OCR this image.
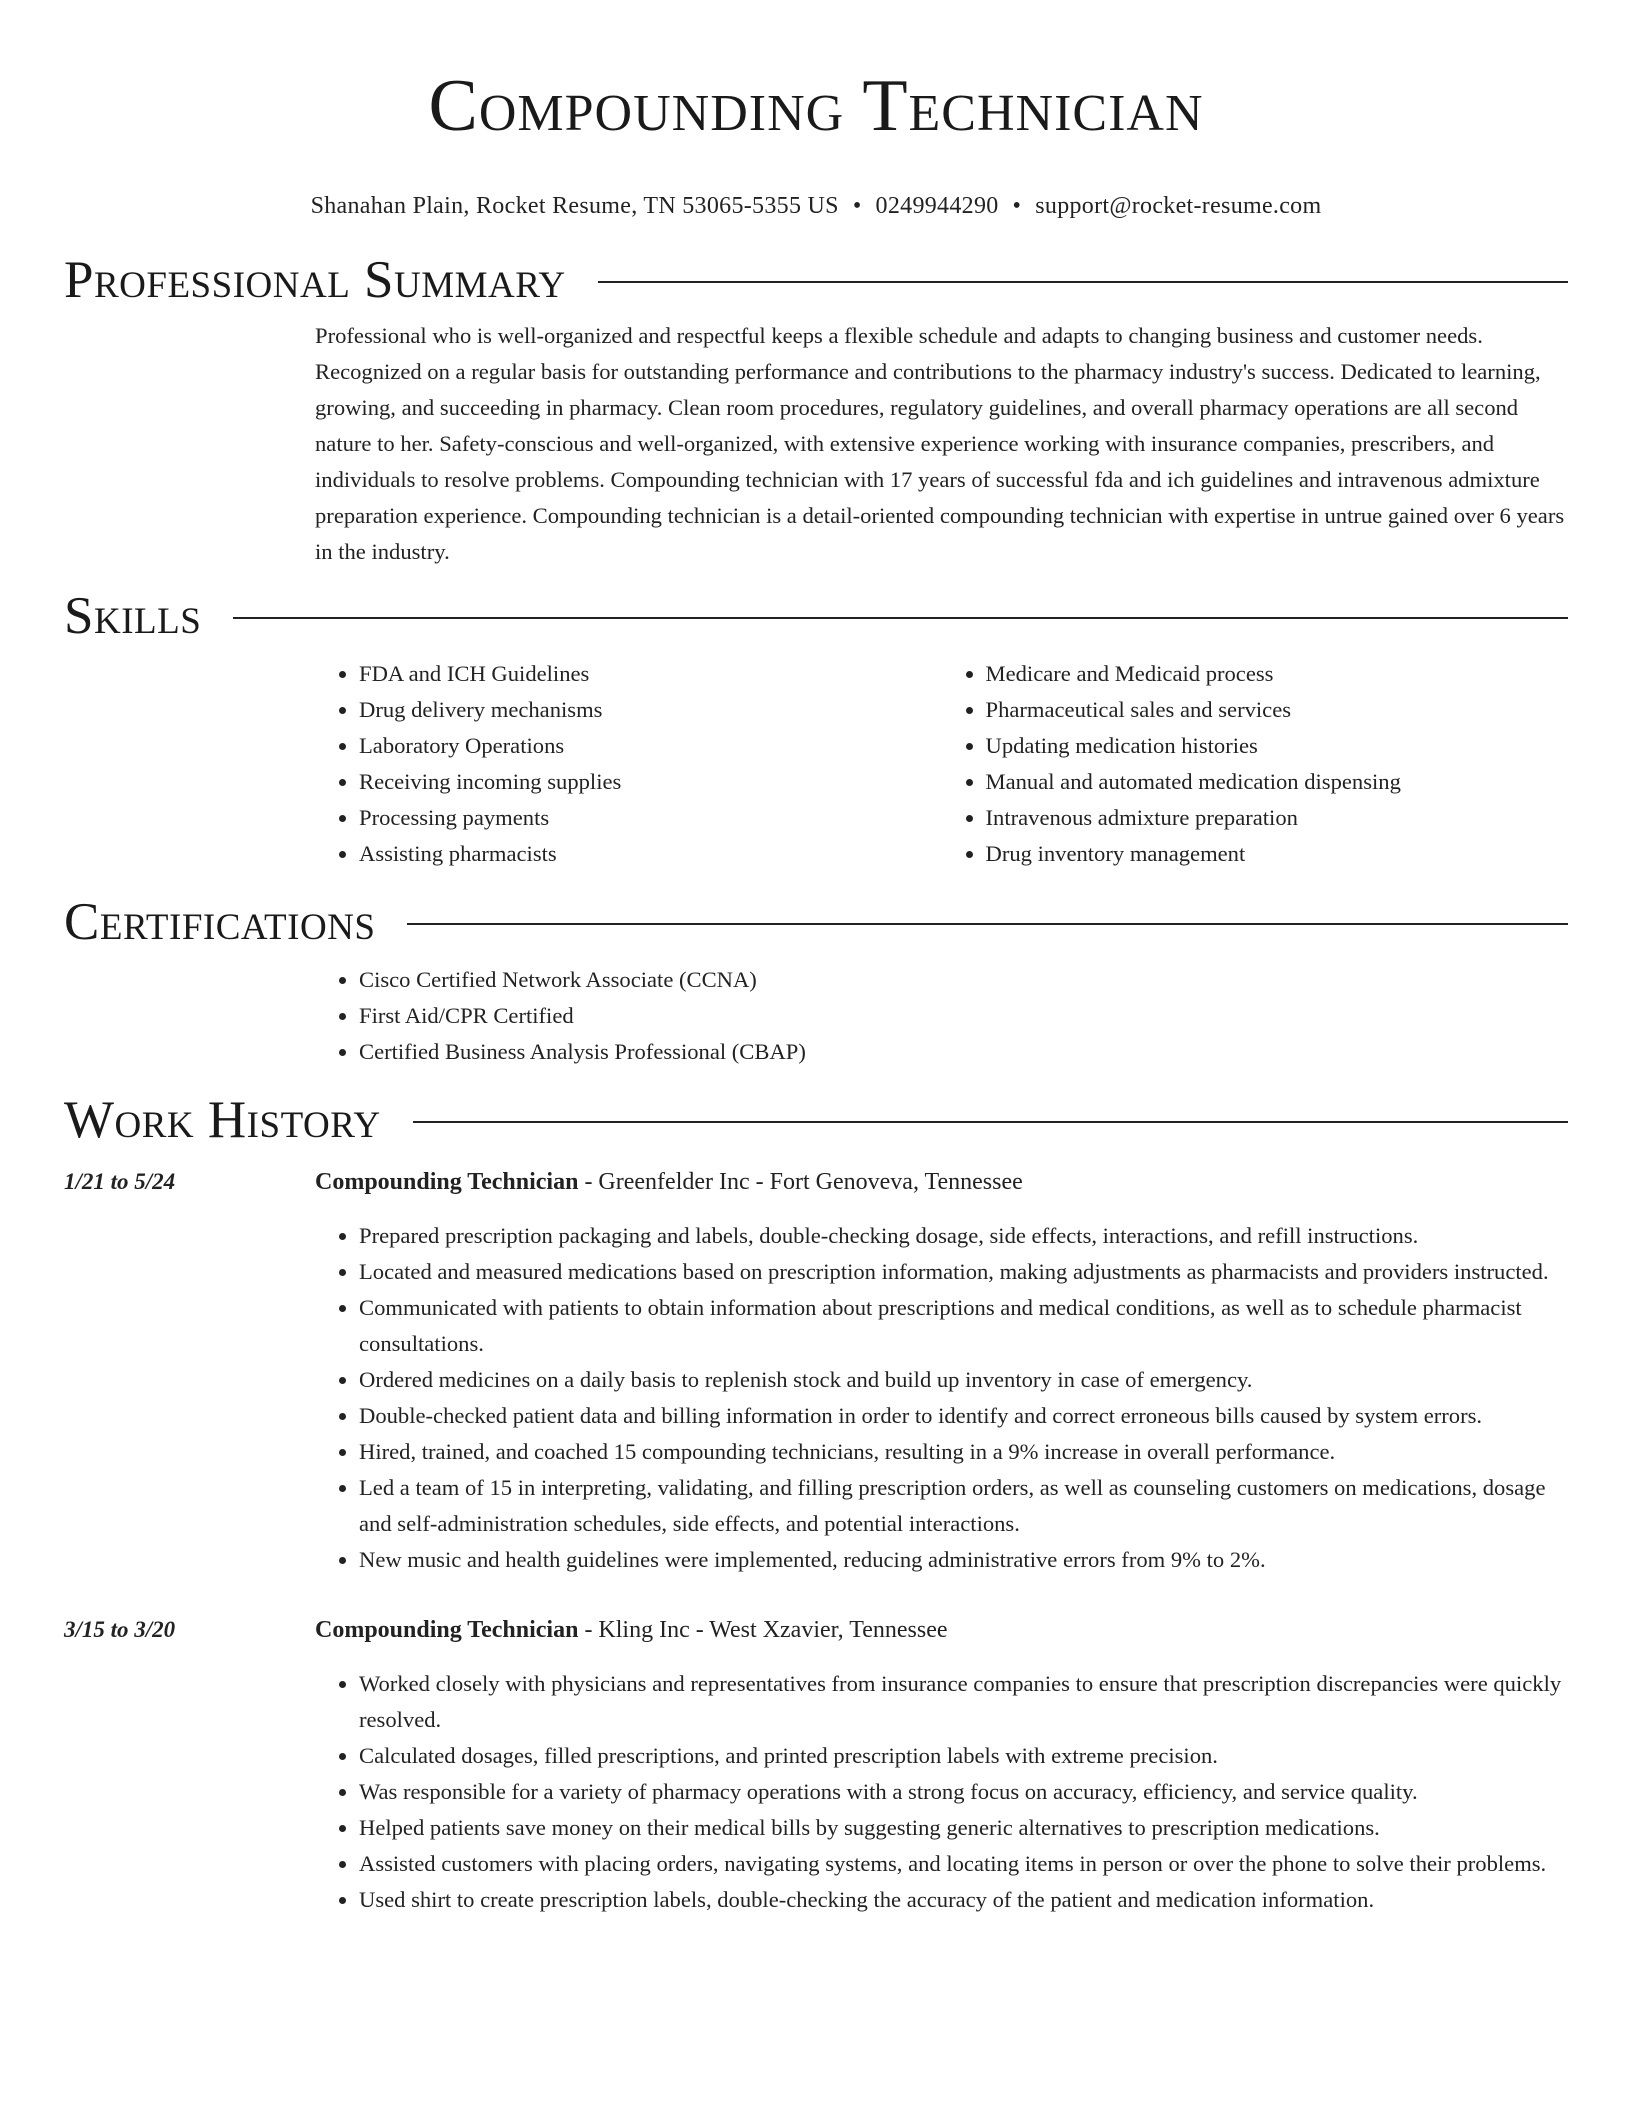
Compounding Technician
Shanahan Plain, Rocket Resume, TN 53065-5355 US • 0249944290 • support@rocket-resume.com
Professional Summary
Professional who is well-organized and respectful keeps a flexible schedule and adapts to changing business and customer needs. Recognized on a regular basis for outstanding performance and contributions to the pharmacy industry's success. Dedicated to learning, growing, and succeeding in pharmacy. Clean room procedures, regulatory guidelines, and overall pharmacy operations are all second nature to her. Safety-conscious and well-organized, with extensive experience working with insurance companies, prescribers, and individuals to resolve problems. Compounding technician with 17 years of successful fda and ich guidelines and intravenous admixture preparation experience. Compounding technician is a detail-oriented compounding technician with expertise in untrue gained over 6 years in the industry.
Skills
• FDA and ICH Guidelines
• Drug delivery mechanisms
• Laboratory Operations
• Receiving incoming supplies
• Processing payments
• Assisting pharmacists
• Medicare and Medicaid process
• Pharmaceutical sales and services
• Updating medication histories
• Manual and automated medication dispensing
• Intravenous admixture preparation
• Drug inventory management
Certifications
• Cisco Certified Network Associate (CCNA)
• First Aid/CPR Certified
• Certified Business Analysis Professional (CBAP)
Work History
1/21 to 5/24	Compounding Technician - Greenfelder Inc - Fort Genoveva, Tennessee
• Prepared prescription packaging and labels, double-checking dosage, side effects, interactions, and refill instructions.
• Located and measured medications based on prescription information, making adjustments as pharmacists and providers instructed.
• Communicated with patients to obtain information about prescriptions and medical conditions, as well as to schedule pharmacist consultations.
• Ordered medicines on a daily basis to replenish stock and build up inventory in case of emergency.
• Double-checked patient data and billing information in order to identify and correct erroneous bills caused by system errors.
• Hired, trained, and coached 15 compounding technicians, resulting in a 9% increase in overall performance.
• Led a team of 15 in interpreting, validating, and filling prescription orders, as well as counseling customers on medications, dosage and self-administration schedules, side effects, and potential interactions.
• New music and health guidelines were implemented, reducing administrative errors from 9% to 2%.
3/15 to 3/20	Compounding Technician - Kling Inc - West Xzavier, Tennessee
• Worked closely with physicians and representatives from insurance companies to ensure that prescription discrepancies were quickly resolved.
• Calculated dosages, filled prescriptions, and printed prescription labels with extreme precision.
• Was responsible for a variety of pharmacy operations with a strong focus on accuracy, efficiency, and service quality.
• Helped patients save money on their medical bills by suggesting generic alternatives to prescription medications.
• Assisted customers with placing orders, navigating systems, and locating items in person or over the phone to solve their problems.
• Used shirt to create prescription labels, double-checking the accuracy of the patient and medication information.
